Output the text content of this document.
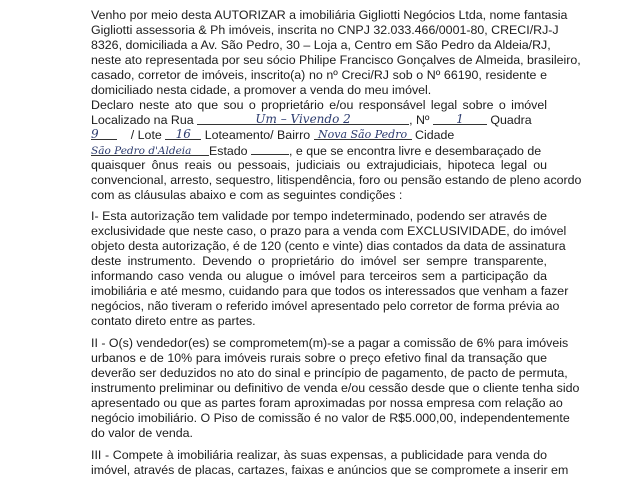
Venho por meio desta AUTORIZAR a imobiliária Gigliotti Negócios Ltda, nome fantasia
Gigliotti assessoria & Ph imóveis, inscrita no CNPJ 32.033.466/0001-80, CRECI/RJ-J
8326, domiciliada a Av. São Pedro, 30 – Loja a, Centro em São Pedro da Aldeia/RJ,
neste ato representada por seu sócio Philipe Francisco Gonçalves de Almeida, brasileiro,
casado, corretor de imóveis, inscrito(a) no nº Creci/RJ sob o Nº 66190, residente e
domiciliado nesta cidade, a promover a venda do meu imóvel.
Declaro neste ato que sou o proprietário e/ou responsável legal sobre o imóvel
Localizado na Rua	Um – Vivendo 2	, Nº 1 Quadra
9	/ Lote 16 Loteamento/ Bairro Nova São Pedro Cidade
São Pedro d'Aldeia Estado	, e que se encontra livre e desembaraçado de
quaisquer ônus reais ou pessoais, judiciais ou extrajudiciais, hipoteca legal ou
convencional, arresto, sequestro, litispendência, foro ou pensão estando de pleno acordo
com as cláusulas abaixo e com as seguintes condições :
I- Esta autorização tem validade por tempo indeterminado, podendo ser através de
exclusividade que neste caso, o prazo para a venda com EXCLUSIVIDADE, do imóvel
objeto desta autorização, é de 120 (cento e vinte) dias contados da data de assinatura
deste instrumento. Devendo o proprietário do imóvel ser sempre transparente,
informando caso venda ou alugue o imóvel para terceiros sem a participação da
imobiliária e até mesmo, cuidando para que todos os interessados que venham a fazer
negócios, não tiveram o referido imóvel apresentado pelo corretor de forma prévia ao
contato direto entre as partes.
II - O(s) vendedor(es) se comprometem(m)-se a pagar a comissão de 6% para imóveis
urbanos e de 10% para imóveis rurais sobre o preço efetivo final da transação que
deverão ser deduzidos no ato do sinal e princípio de pagamento, de pacto de permuta,
instrumento preliminar ou definitivo de venda e/ou cessão desde que o cliente tenha sido
apresentado ou que as partes foram aproximadas por nossa empresa com relação ao
negócio imobiliário. O Piso de comissão é no valor de R$5.000,00, independentemente
do valor de venda.
III - Compete à imobiliária realizar, às suas expensas, a publicidade para venda do
imóvel, através de placas, cartazes, faixas e anúncios que se compromete a inserir em
